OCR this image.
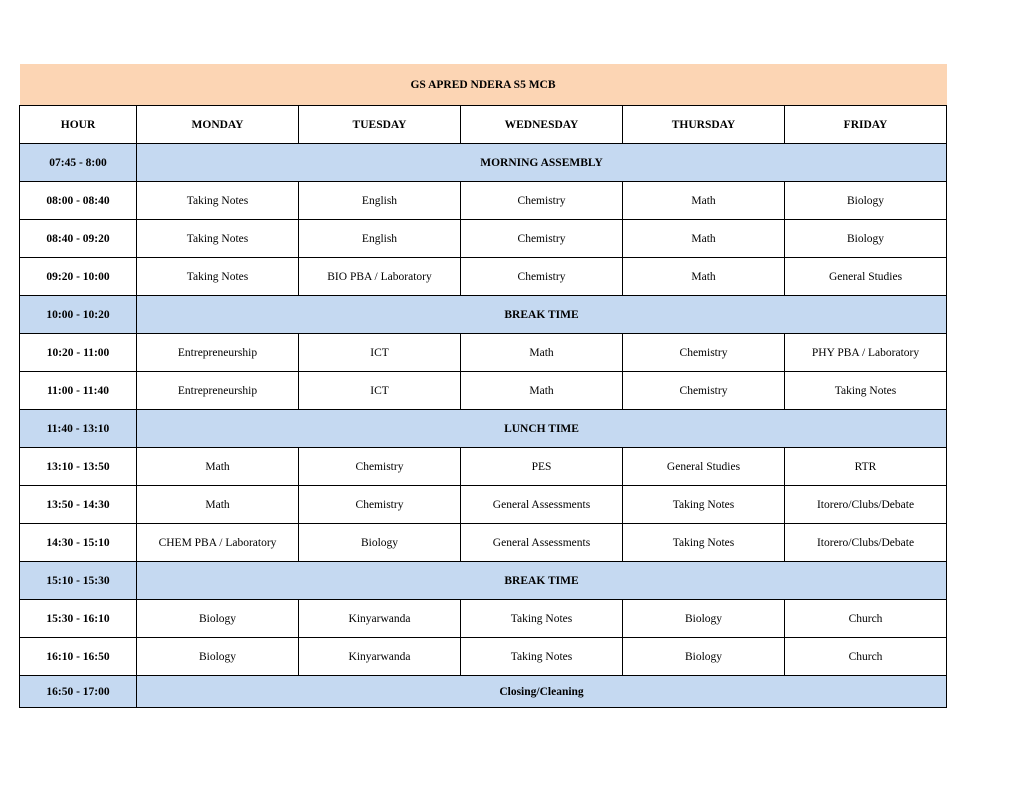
GS APRED NDERA S5 MCB					
HOUR	MONDAY	TUESDAY	WEDNESDAY	THURSDAY	FRIDAY
07:45 - 8:00	MORNING ASSEMBLY				
08:00 - 08:40	Taking Notes	English	Chemistry	Math	Biology
08:40 - 09:20	Taking Notes	English	Chemistry	Math	Biology
09:20 - 10:00	Taking Notes	BIO PBA / Laboratory	Chemistry	Math	General Studies
10:00 - 10:20	BREAK TIME				
10:20 - 11:00	Entrepreneurship	ICT	Math	Chemistry	PHY PBA / Laboratory
11:00 - 11:40	Entrepreneurship	ICT	Math	Chemistry	Taking Notes
11:40 - 13:10	LUNCH TIME				
13:10 - 13:50	Math	Chemistry	PES	General Studies	RTR
13:50 - 14:30	Math	Chemistry	General Assessments	Taking Notes	Itorero/Clubs/Debate
14:30 - 15:10	CHEM PBA / Laboratory	Biology	General Assessments	Taking Notes	Itorero/Clubs/Debate
15:10 - 15:30	BREAK TIME				
15:30 - 16:10	Biology	Kinyarwanda	Taking Notes	Biology	Church
16:10 - 16:50	Biology	Kinyarwanda	Taking Notes	Biology	Church
16:50 - 17:00	Closing/Cleaning				
